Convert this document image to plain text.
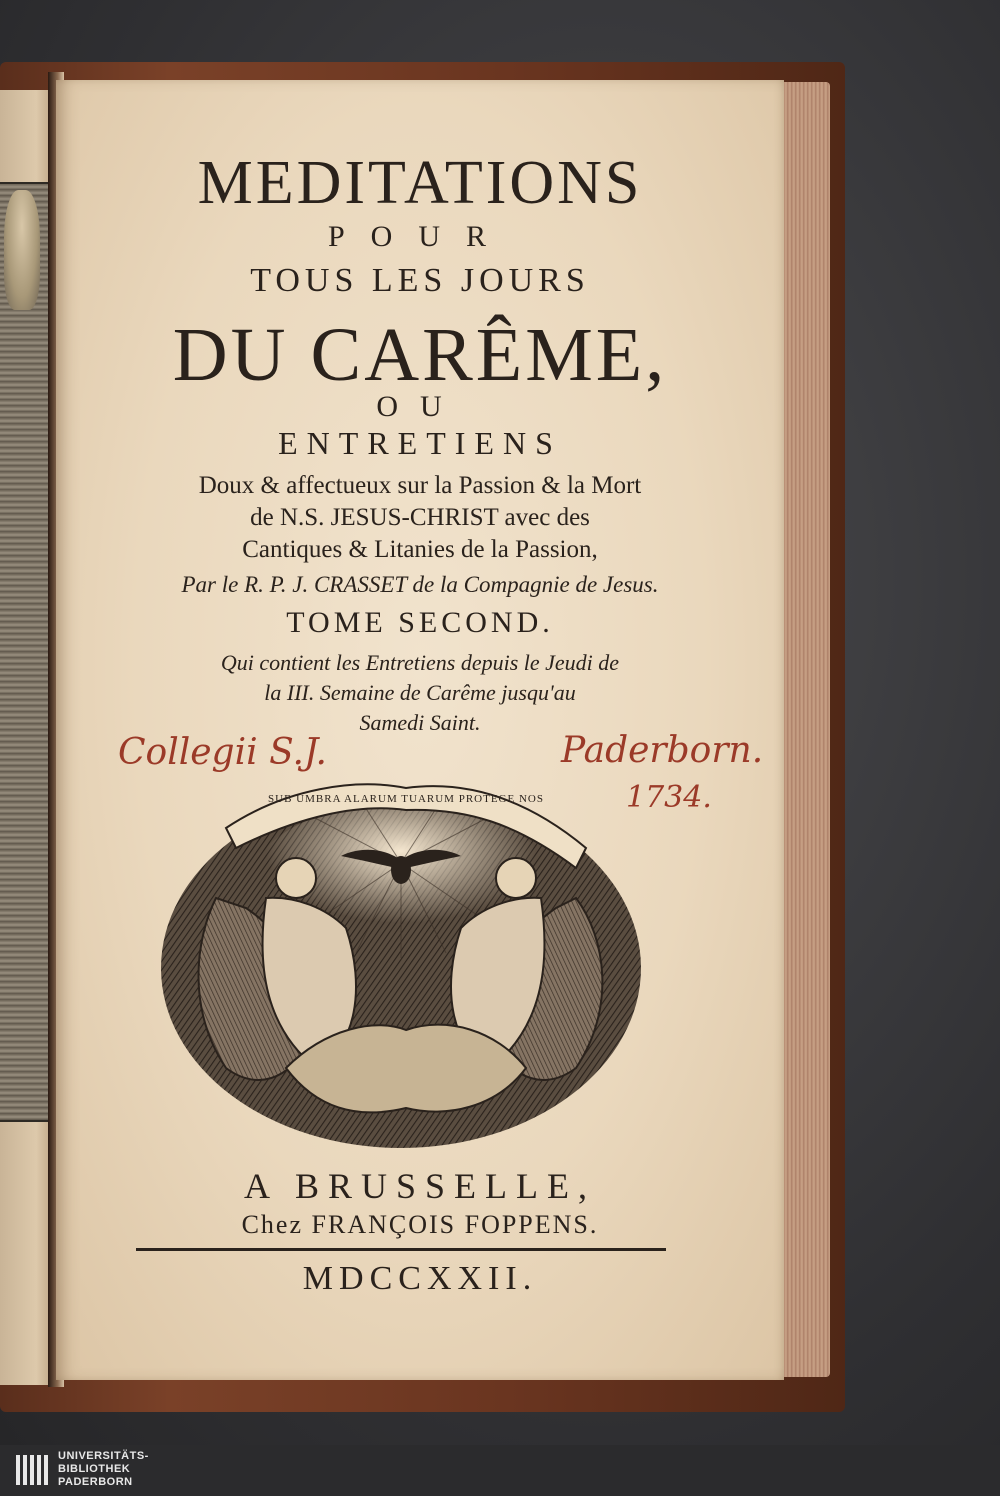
MEDITATIONS
POUR
TOUS LES JOURS
DU CARÊME,
OU
ENTRETIENS
Doux & affectueux sur la Passion & la Mort
de N.S. JESUS-CHRIST avec des
Cantiques & Litanies de la Passion,
Par le R. P. J. CRASSET de la Compagnie de Jesus.
TOME SECOND.
Qui contient les Entretiens depuis le Jeudi de
la III. Semaine de Carême jusqu'au
Samedi Saint.
Collegii S.J.	Paderborn.
1734.
SUB UMBRA ALARUM TUARUM PROTEGE NOS
A BRUSSELLE,
Chez FRANÇOIS FOPPENS.
MDCCXXII.
UNIVERSITÄTS-
BIBLIOTHEK
PADERBORN
